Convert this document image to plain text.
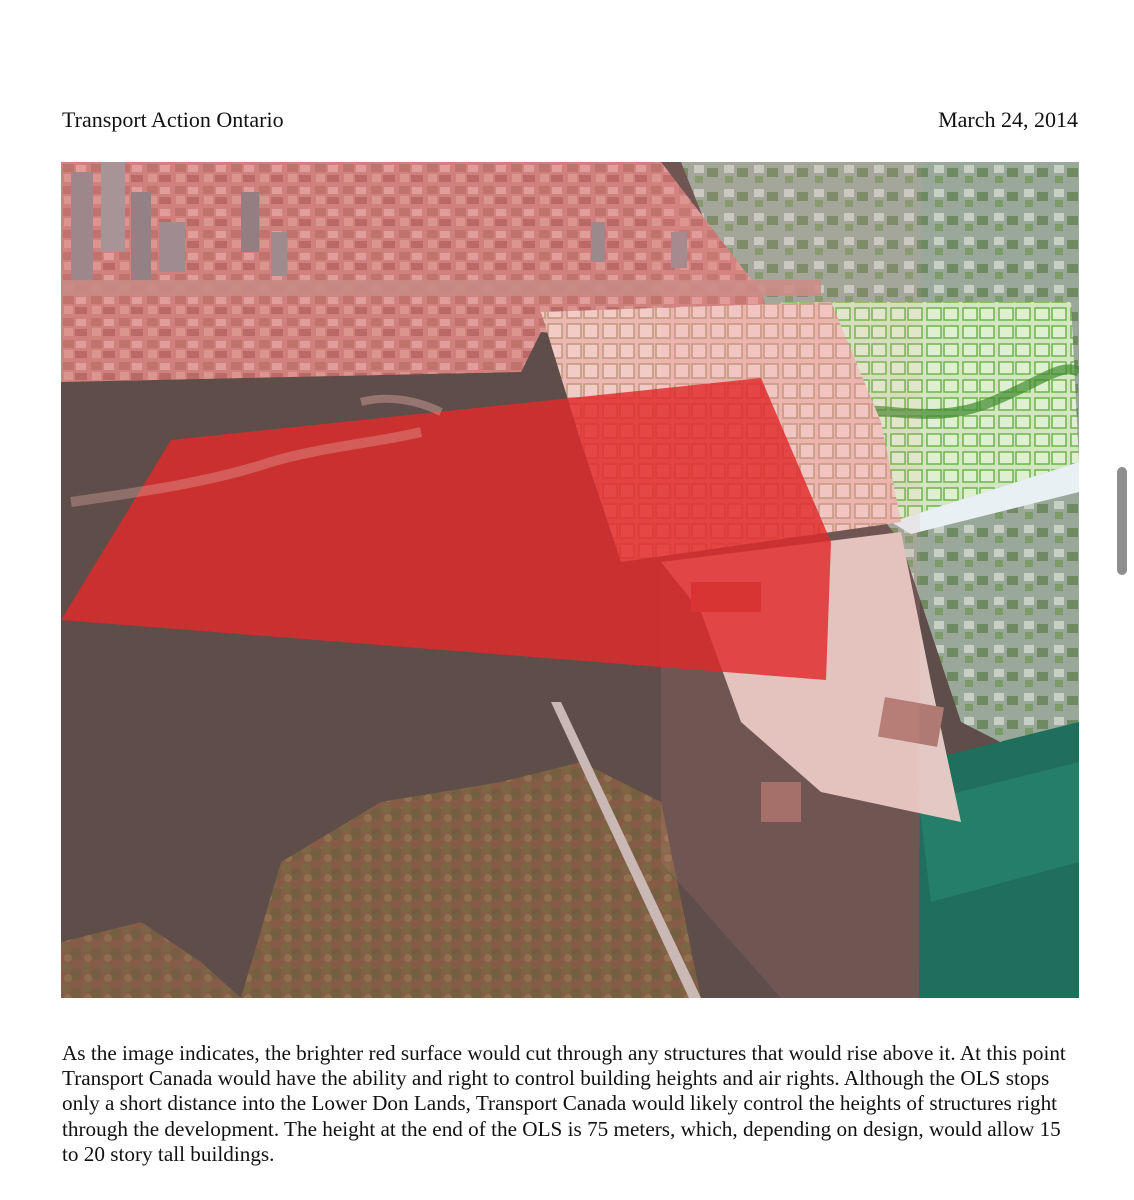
Transport Action Ontario	March 24, 2014
As the image indicates, the brighter red surface would cut through any structures that would rise above it. At this point Transport Canada would have the ability and right to control building heights and air rights. Although the OLS stops only a short distance into the Lower Don Lands, Transport Canada would likely control the heights of structures right through the development. The height at the end of the OLS is 75 meters, which, depending on design, would allow 15 to 20 story tall buildings.
